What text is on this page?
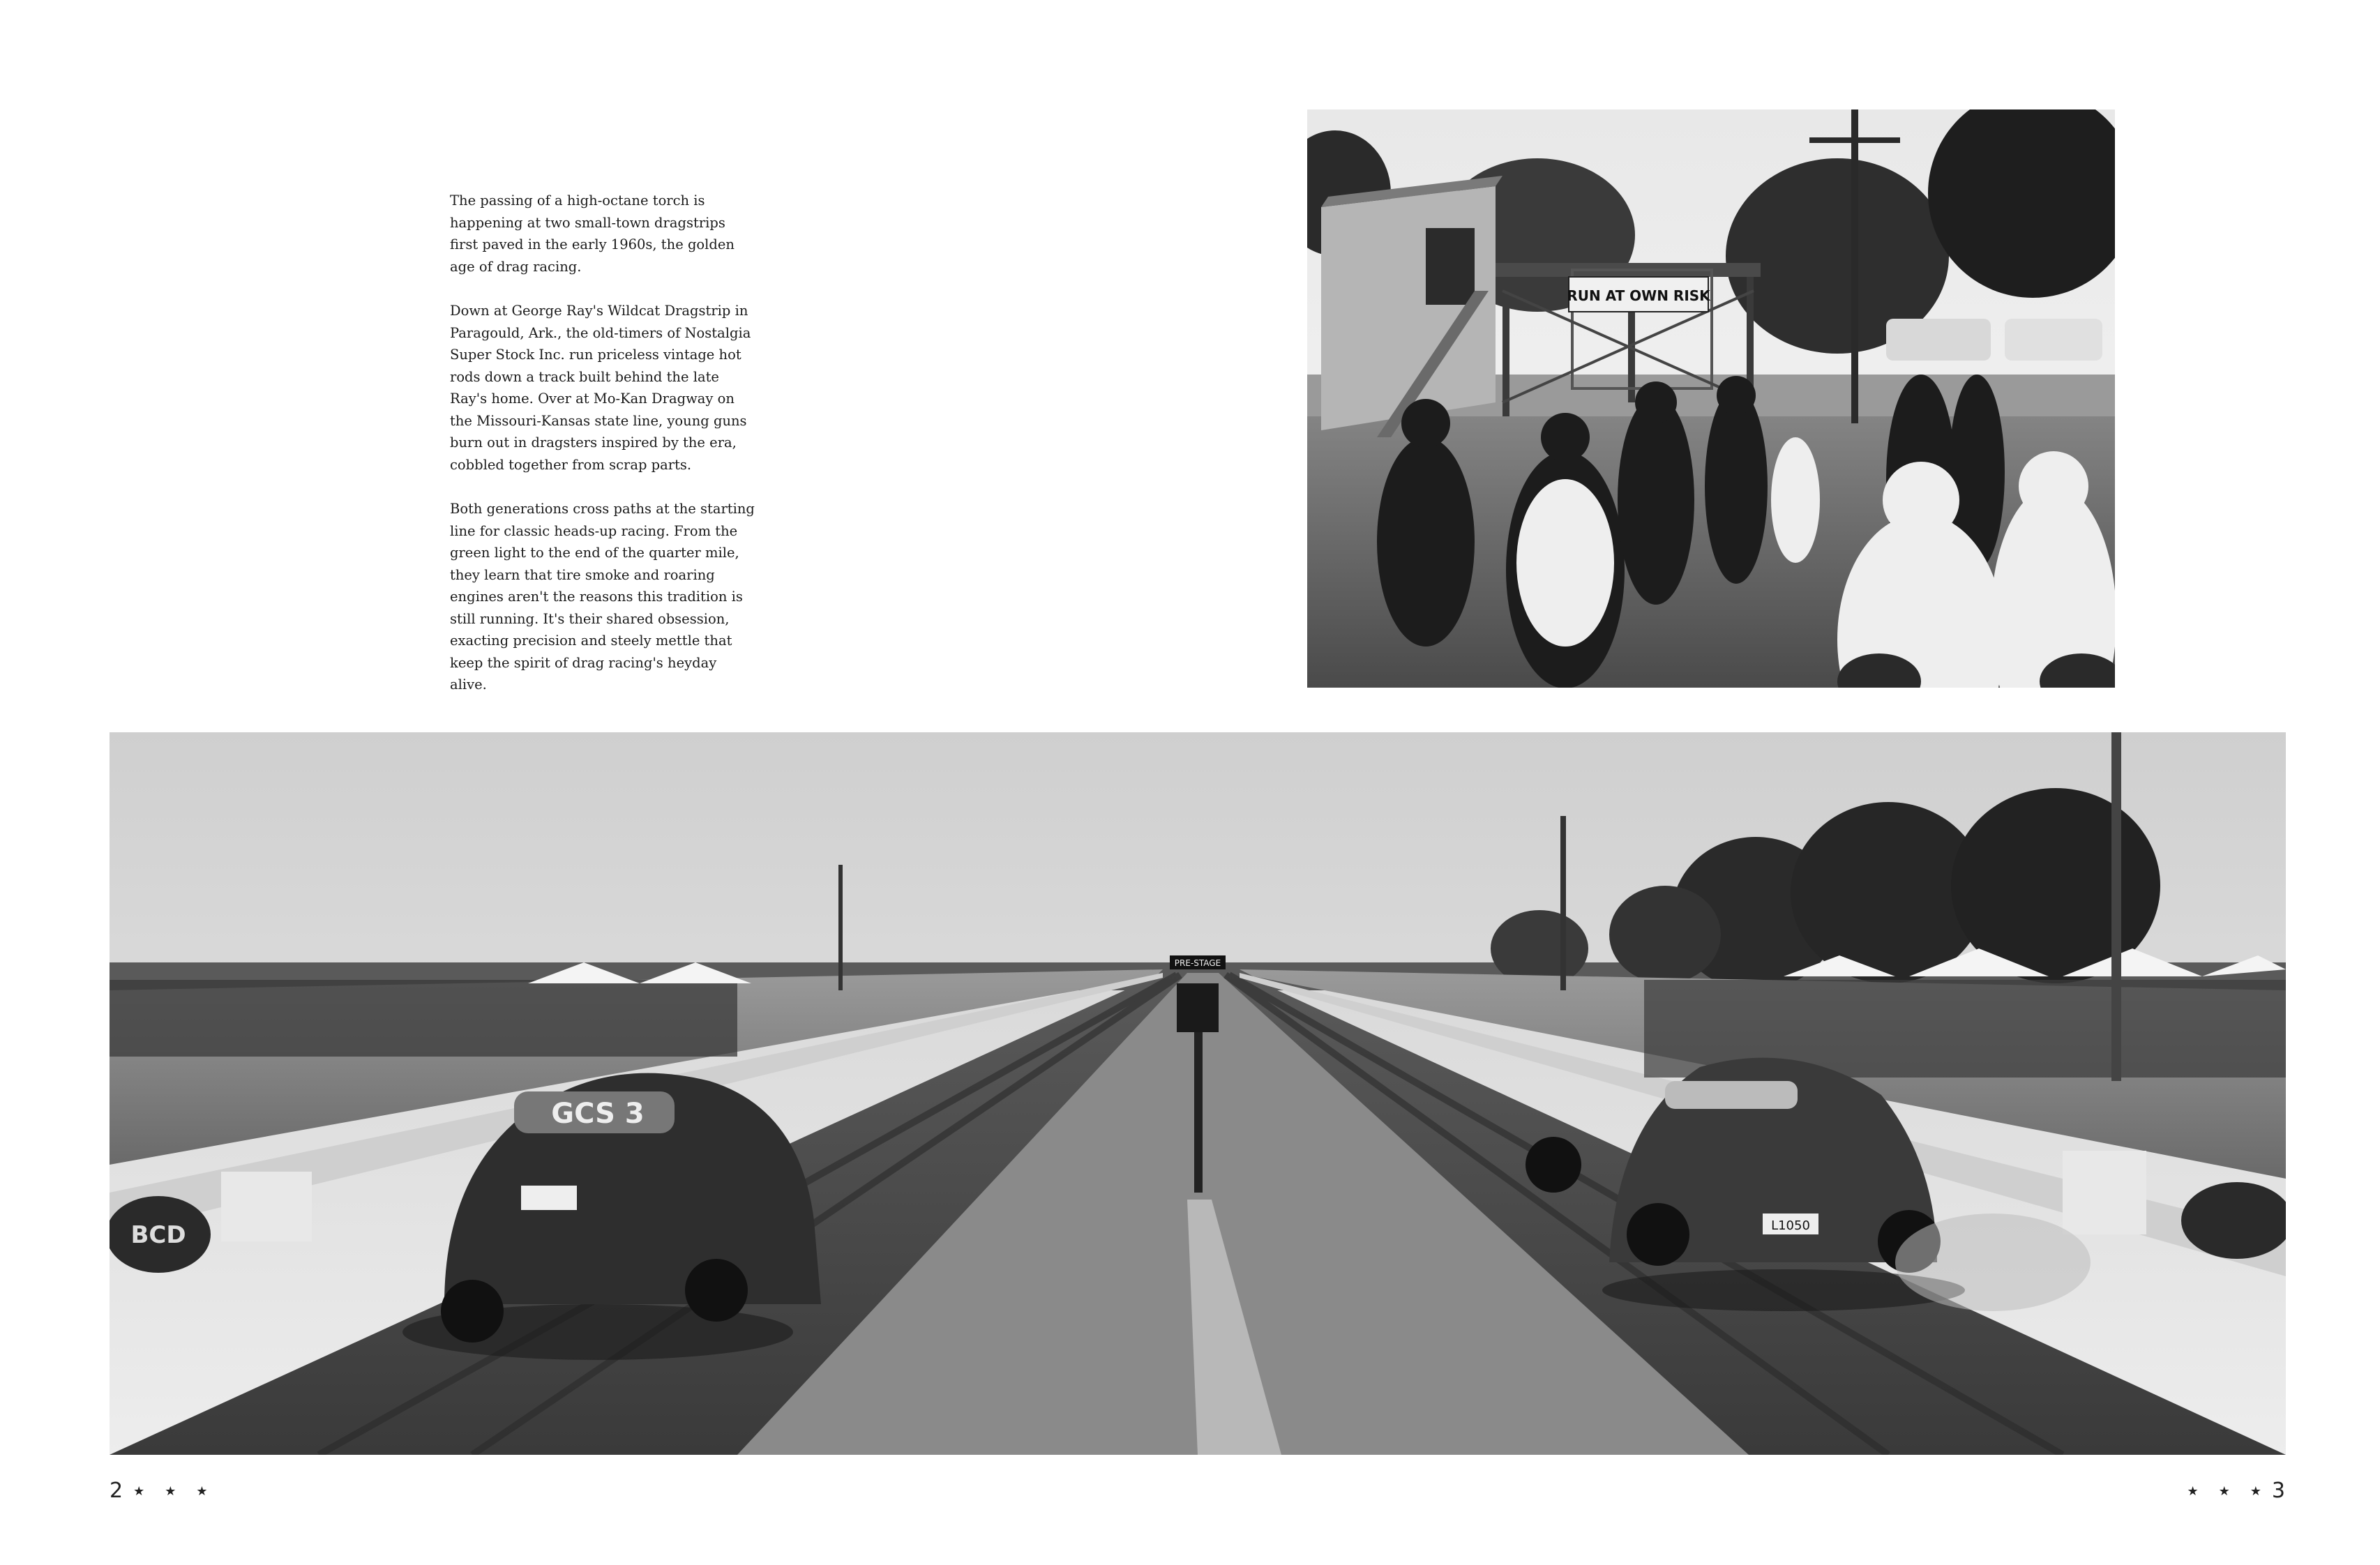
The passing of a high-octane torch is happening at two small-town dragstrips first paved in the early 1960s, the golden age of drag racing.

Down at George Ray's Wildcat Dragstrip in Paragould, Ark., the old-timers of Nostalgia Super Stock Inc. run priceless vintage hot rods down a track built behind the late Ray's home. Over at Mo-Kan Dragway on the Missouri-Kansas state line, young guns burn out in dragsters inspired by the era, cobbled together from scrap parts.

Both generations cross paths at the starting line for classic heads-up racing. From the green light to the end of the quarter mile, they learn that tire smoke and roaring engines aren't the reasons this tradition is still running. It's their shared obsession, exacting precision and steely mettle that keep the spirit of drag racing's heyday alive.

RUN AT OWN RISK
PRE-STAGE
BCD
GCS 3
L1050
2 ★ ★ ★	★ ★ ★ 3
